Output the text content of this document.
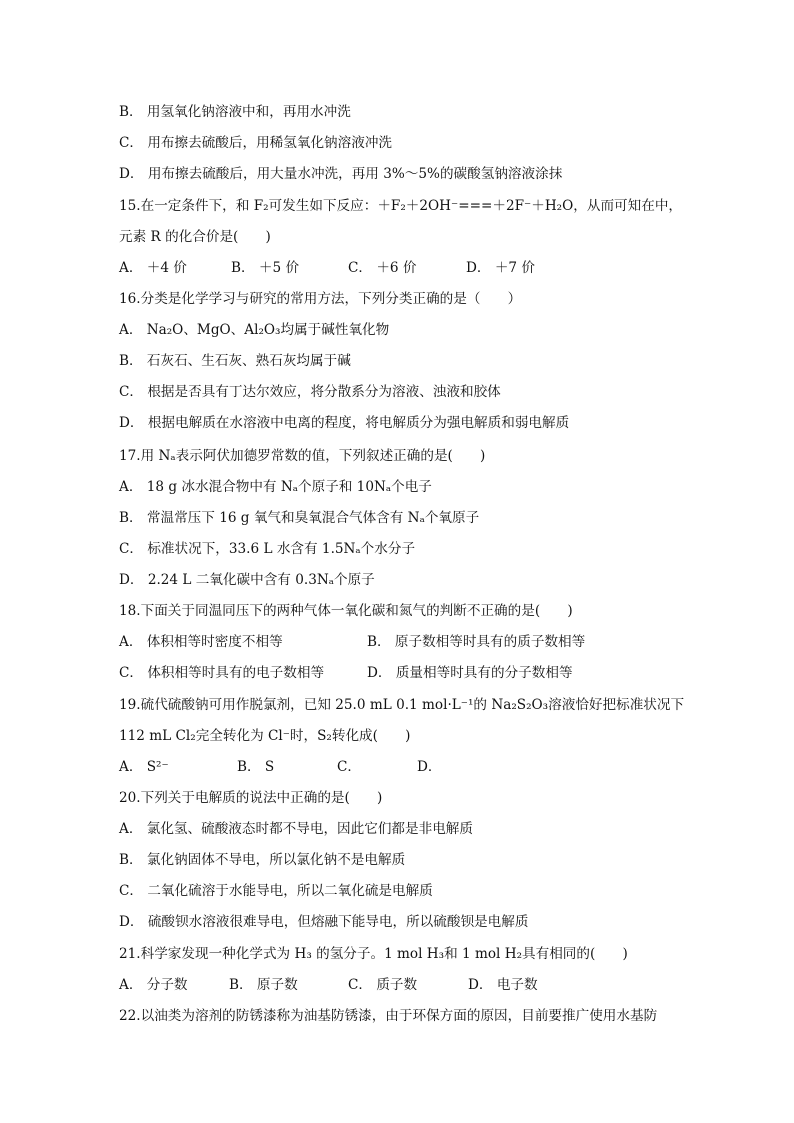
B． 用氢氧化钠溶液中和，再用水冲洗
C． 用布擦去硫酸后，用稀氢氧化钠溶液冲洗
D． 用布擦去硫酸后，用大量水冲洗，再用 3%～5%的碳酸氢钠溶液涂抹
15.在一定条件下，和 F₂可发生如下反应：＋F₂＋2OH⁻===＋2F⁻＋H₂O，从而可知在中，
元素 R 的化合价是(　　)
A． ＋4 价	B． ＋5 价	C． ＋6 价	D． ＋7 价
16.分类是化学学习与研究的常用方法，下列分类正确的是（　　）
A． Na₂O、MgO、Al₂O₃均属于碱性氧化物
B． 石灰石、生石灰、熟石灰均属于碱
C． 根据是否具有丁达尔效应，将分散系分为溶液、浊液和胶体
D． 根据电解质在水溶液中电离的程度，将电解质分为强电解质和弱电解质
17.用 Nₐ表示阿伏加德罗常数的值，下列叙述正确的是(　　)
A． 18 g 冰水混合物中有 Nₐ个原子和 10Nₐ个电子
B． 常温常压下 16 g 氧气和臭氧混合气体含有 Nₐ个氧原子
C． 标准状况下，33.6 L 水含有 1.5Nₐ个水分子
D． 2.24 L 二氧化碳中含有 0.3Nₐ个原子
18.下面关于同温同压下的两种气体一氧化碳和氮气的判断不正确的是(　　)
A． 体积相等时密度不相等	B． 原子数相等时具有的质子数相等
C． 体积相等时具有的电子数相等	D． 质量相等时具有的分子数相等
19.硫代硫酸钠可用作脱氯剂，已知 25.0 mL 0.1 mol·L⁻¹的 Na₂S₂O₃溶液恰好把标准状况下
112 mL Cl₂完全转化为 Cl⁻时，S₂转化成(　　)
A． S²⁻	B． S	C．	D．
20.下列关于电解质的说法中正确的是(　　)
A． 氯化氢、硫酸液态时都不导电，因此它们都是非电解质
B． 氯化钠固体不导电，所以氯化钠不是电解质
C． 二氧化硫溶于水能导电，所以二氧化硫是电解质
D． 硫酸钡水溶液很难导电，但熔融下能导电，所以硫酸钡是电解质
21.科学家发现一种化学式为 H₃ 的氢分子。1 mol H₃和 1 mol H₂具有相同的(　　)
A． 分子数	B． 原子数	C． 质子数	D． 电子数
22.以油类为溶剂的防锈漆称为油基防锈漆，由于环保方面的原因，目前要推广使用水基防
